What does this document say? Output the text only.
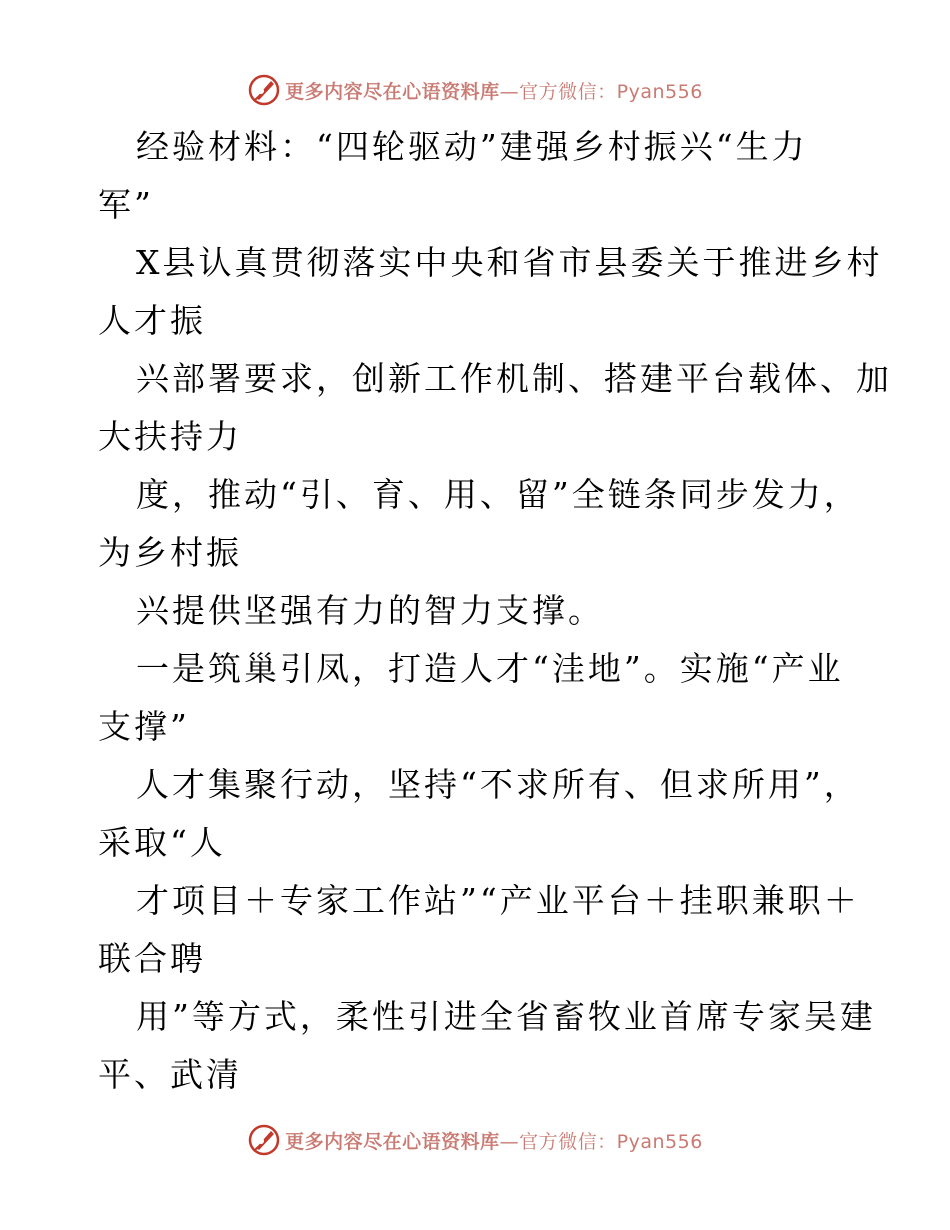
更多内容尽在心语资料库—官方微信：Pyan556
经验材料：“四轮驱动”建强乡村振兴“生力
军”
X县认真贯彻落实中央和省市县委关于推进乡村
人才振
兴部署要求，创新工作机制、搭建平台载体、加
大扶持力
度，推动“引、育、用、留”全链条同步发力，
为乡村振
兴提供坚强有力的智力支撑。
一是筑巢引凤，打造人才“洼地”。实施“产业
支撑”
人才集聚行动，坚持“不求所有、但求所用”，
采取“人
才项目＋专家工作站”“产业平台＋挂职兼职＋
联合聘
用”等方式，柔性引进全省畜牧业首席专家吴建
平、武清
更多内容尽在心语资料库—官方微信：Pyan556
